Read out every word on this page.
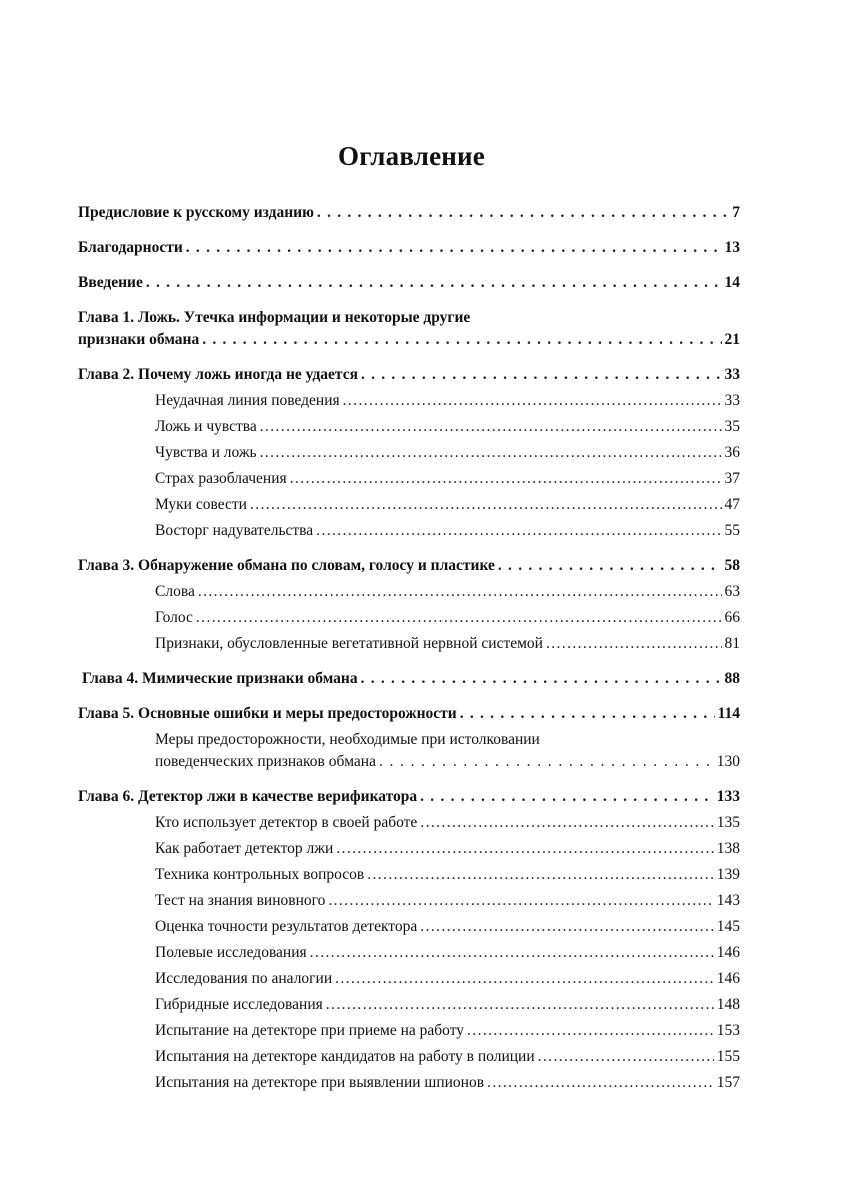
Оглавление
Предисловие к русскому изданию . . .	7
Благодарности . . .	13
Введение . . .	14
Глава 1. Ложь. Утечка информации и некоторые другие
признаки обмана . . .	21
Глава 2. Почему ложь иногда не удается . . .	33
Неудачная линия поведения .....	33
Ложь и чувства .....	35
Чувства и ложь .....	36
Страх разоблачения .....	37
Муки совести .....	47
Восторг надувательства .....	55
Глава 3. Обнаружение обмана по словам, голосу и пластике . . .	58
Слова .....	63
Голос .....	66
Признаки, обусловленные вегетативной нервной системой .....	81
Глава 4. Мимические признаки обмана . . .	88
Глава 5. Основные ошибки и меры предосторожности . . .	114
Меры предосторожности, необходимые при истолковании
поведенческих признаков обмана . . .	130
Глава 6. Детектор лжи в качестве верификатора . . .	133
Кто использует детектор в своей работе .....	135
Как работает детектор лжи .....	138
Техника контрольных вопросов .....	139
Тест на знания виновного .....	143
Оценка точности результатов детектора .....	145
Полевые исследования .....	146
Исследования по аналогии .....	146
Гибридные исследования .....	148
Испытание на детекторе при приеме на работу .....	153
Испытания на детекторе кандидатов на работу в полиции .....	155
Испытания на детекторе при выявлении шпионов .....	157
